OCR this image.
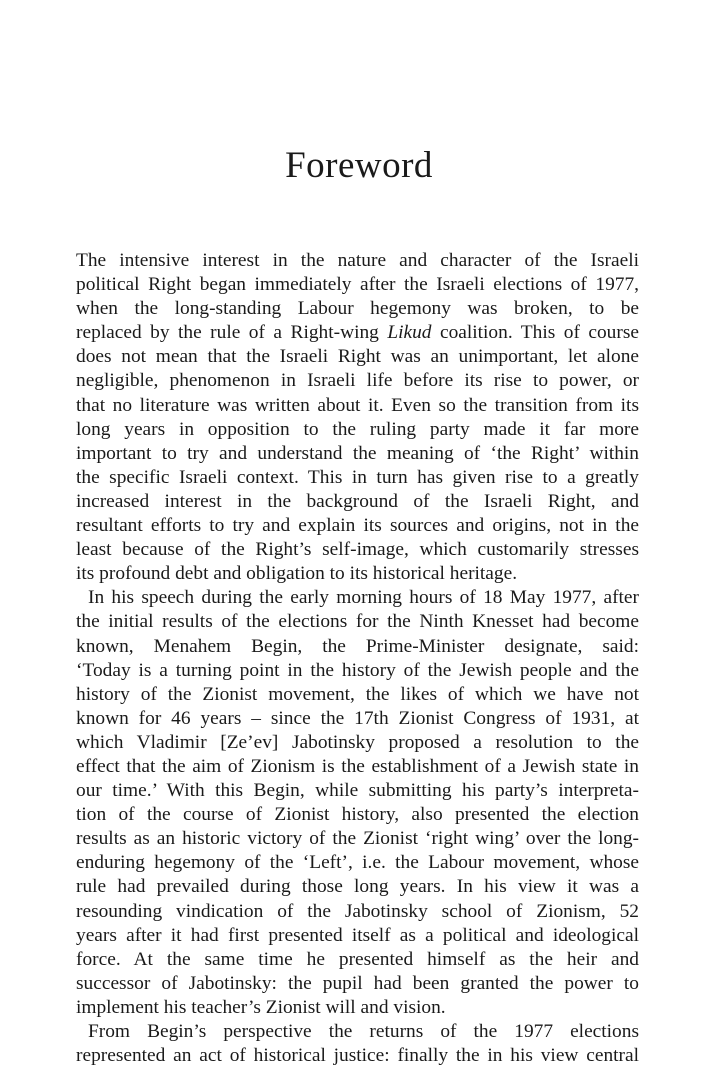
Foreword
The intensive interest in the nature and character of the Israeli
political Right began immediately after the Israeli elections of 1977,
when the long-standing Labour hegemony was broken, to be
replaced by the rule of a Right-wing Likud coalition. This of course
does not mean that the Israeli Right was an unimportant, let alone
negligible, phenomenon in Israeli life before its rise to power, or
that no literature was written about it. Even so the transition from its
long years in opposition to the ruling party made it far more
important to try and understand the meaning of ‘the Right’ within
the specific Israeli context. This in turn has given rise to a greatly
increased interest in the background of the Israeli Right, and
resultant efforts to try and explain its sources and origins, not in the
least because of the Right’s self-image, which customarily stresses
its profound debt and obligation to its historical heritage.
In his speech during the early morning hours of 18 May 1977, after
the initial results of the elections for the Ninth Knesset had become
known, Menahem Begin, the Prime-Minister designate, said:
‘Today is a turning point in the history of the Jewish people and the
history of the Zionist movement, the likes of which we have not
known for 46 years – since the 17th Zionist Congress of 1931, at
which Vladimir [Ze’ev] Jabotinsky proposed a resolution to the
effect that the aim of Zionism is the establishment of a Jewish state in
our time.’ With this Begin, while submitting his party’s interpreta-
tion of the course of Zionist history, also presented the election
results as an historic victory of the Zionist ‘right wing’ over the long-
enduring hegemony of the ‘Left’, i.e. the Labour movement, whose
rule had prevailed during those long years. In his view it was a
resounding vindication of the Jabotinsky school of Zionism, 52
years after it had first presented itself as a political and ideological
force. At the same time he presented himself as the heir and
successor of Jabotinsky: the pupil had been granted the power to
implement his teacher’s Zionist will and vision.
From Begin’s perspective the returns of the 1977 elections
represented an act of historical justice: finally the in his view central
